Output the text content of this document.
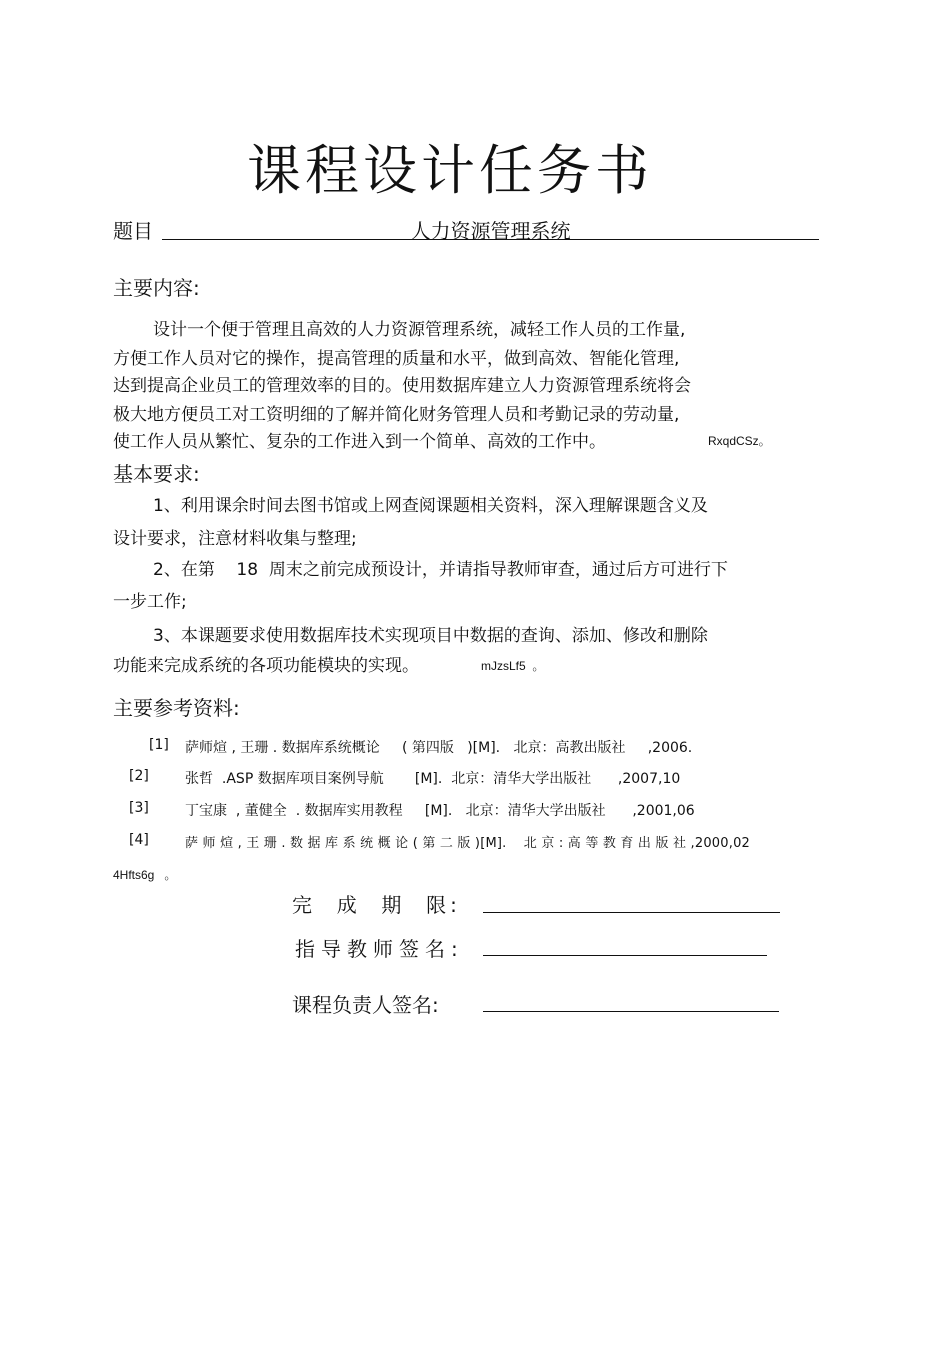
课程设计任务书
题目	人力资源管理系统
主要内容:
设计一个便于管理且高效的人力资源管理系统，减轻工作人员的工作量,
方便工作人员对它的操作，提高管理的质量和水平，做到高效、智能化管理,
达到提高企业员工的管理效率的目的。使用数据库建立人力资源管理系统将会
极大地方便员工对工资明细的了解并简化财务管理人员和考勤记录的劳动量,
使工作人员从繁忙、复杂的工作进入到一个简单、高效的工作中。	RxqdCSz。
基本要求:
1、利用课余时间去图书馆或上网查阅课题相关资料，深入理解课题含义及
设计要求，注意材料收集与整理;
2、在第    18  周末之前完成预设计，并请指导教师审查，通过后方可进行下
一步工作;
3、本课题要求使用数据库技术实现项目中数据的查询、添加、修改和删除
功能来完成系统的各项功能模块的实现。	mJzsLf5  。
主要参考资料:
[1] 萨师煊 , 王珊 . 数据库系统概论     ( 第四版   )[M].   北京：高教出版社     ,2006.
[2]	张哲  .ASP 数据库项目案例导航       [M].  北京：清华大学出版社      ,2007,10
[3]	丁宝康  , 董健全  . 数据库实用教程     [M].   北京：清华大学出版社      ,2001,06
[4]	萨 师 煊 , 王 珊 . 数 据 库 系 统 概 论 ( 第 二 版 )[M].    北 京 : 高 等 教 育 出 版 社 ,2000,02
4Hfts6g   。
完  成  期  限:
指导教师签名:
课程负责人签名:
